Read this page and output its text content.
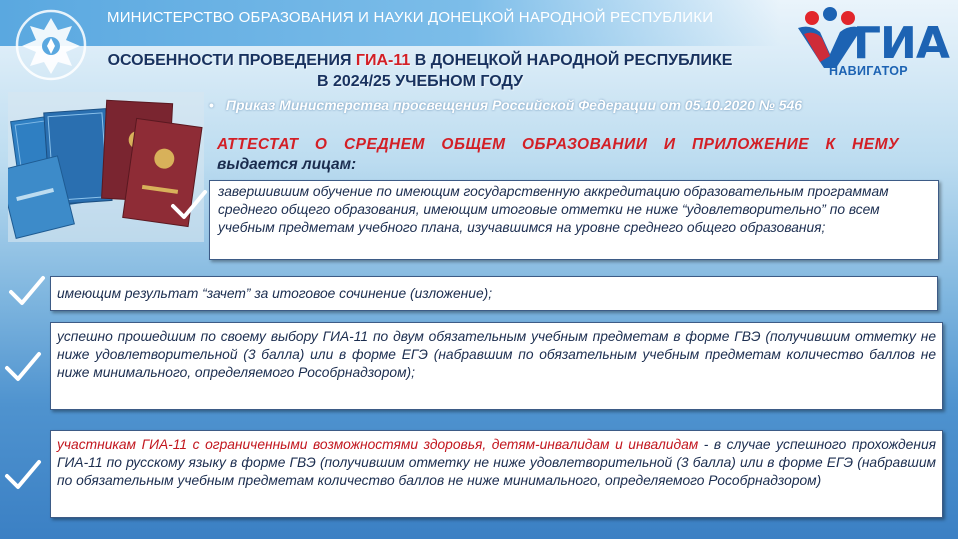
МИНИСТЕРСТВО ОБРАЗОВАНИЯ И НАУКИ ДОНЕЦКОЙ НАРОДНОЙ РЕСПУБЛИКИ
ГИА
НАВИГАТОР
ОСОБЕННОСТИ ПРОВЕДЕНИЯ ГИА-11 В ДОНЕЦКОЙ НАРОДНОЙ РЕСПУБЛИКЕ
В 2024/25 УЧЕБНОМ ГОДУ
• Приказ Министерства просвещения Российской Федерации от 05.10.2020 № 546
АТТЕСТАТ О СРЕДНЕМ ОБЩЕМ ОБРАЗОВАНИИ И ПРИЛОЖЕНИЕ К НЕМУ
выдается лицам:
завершившим обучение по имеющим государственную аккредитацию образовательным программам среднего общего образования, имеющим итоговые отметки не ниже “удовлетворительно” по всем учебным предметам учебного плана, изучавшимся на уровне среднего общего образования;
имеющим результат “зачет” за итоговое сочинение (изложение);
успешно прошедшим по своему выбору ГИА-11 по двум обязательным учебным предметам в форме ГВЭ (получившим отметку не ниже удовлетворительной (3 балла) или в форме ЕГЭ (набравшим по обязательным учебным предметам количество баллов не ниже минимального, определяемого Рособрнадзором);
участникам ГИА-11 с ограниченными возможностями здоровья, детям-инвалидам и инвалидам - в случае успешного прохождения ГИА-11 по русскому языку в форме ГВЭ (получившим отметку не ниже удовлетворительной (3 балла) или в форме ЕГЭ (набравшим по обязательным учебным предметам количество баллов не ниже минимального, определяемого Рособрнадзором)
